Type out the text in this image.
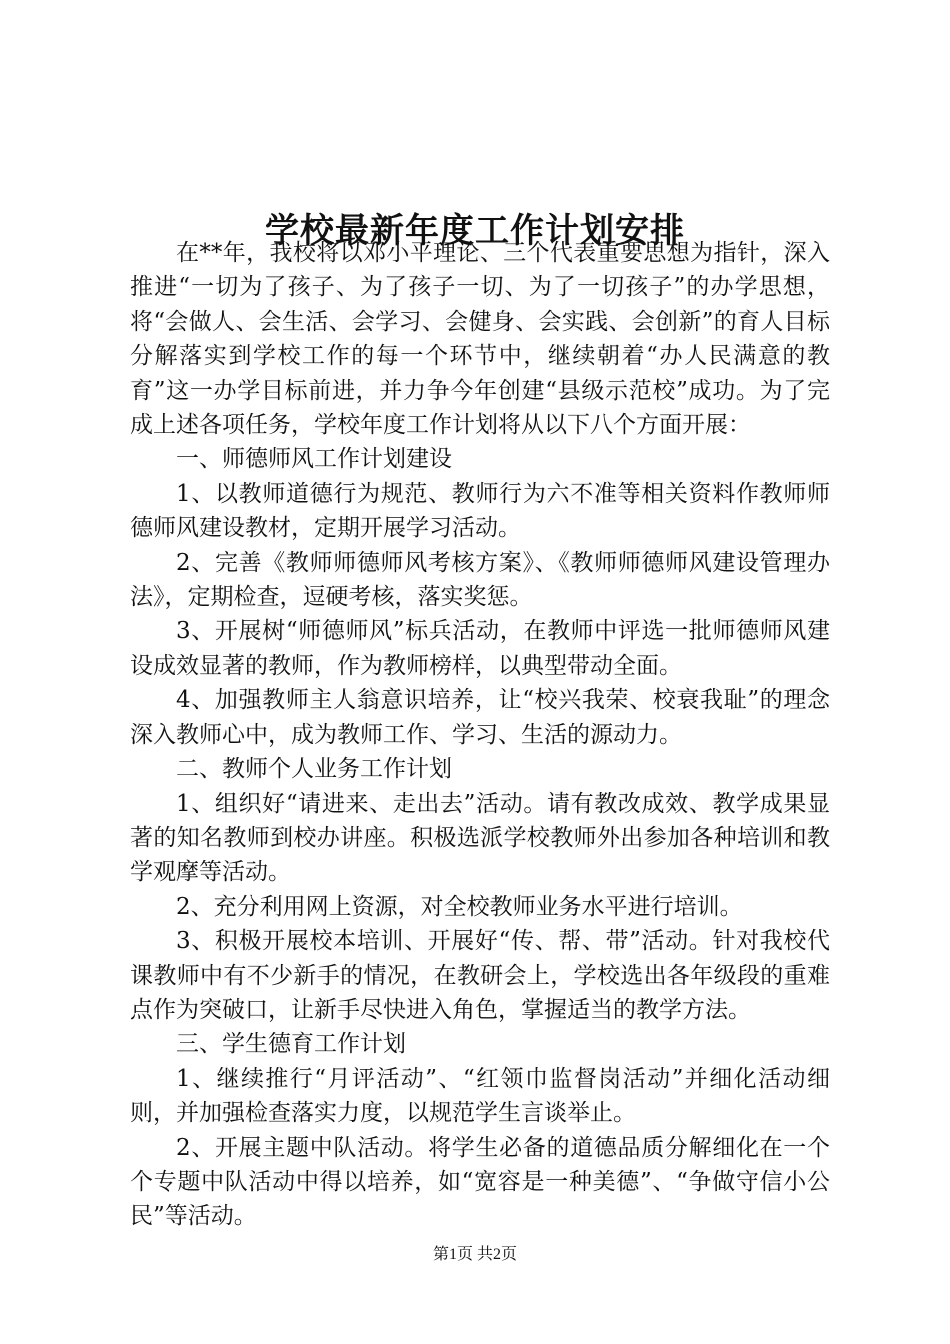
学校最新年度工作计划安排

在**年，我校将以邓小平理论、三个代表重要思想为指针，深入推进“一切为了孩子、为了孩子一切、为了一切孩子”的办学思想，将“会做人、会生活、会学习、会健身、会实践、会创新”的育人目标分解落实到学校工作的每一个环节中，继续朝着“办人民满意的教育”这一办学目标前进，并力争今年创建“县级示范校”成功。为了完成上述各项任务，学校年度工作计划将从以下八个方面开展：

一、师德师风工作计划建设

1、以教师道德行为规范、教师行为六不准等相关资料作教师师德师风建设教材，定期开展学习活动。

2、完善《教师师德师风考核方案》、《教师师德师风建设管理办法》，定期检查，逗硬考核，落实奖惩。

3、开展树“师德师风”标兵活动，在教师中评选一批师德师风建设成效显著的教师，作为教师榜样，以典型带动全面。

4、加强教师主人翁意识培养，让“校兴我荣、校衰我耻”的理念深入教师心中，成为教师工作、学习、生活的源动力。

二、教师个人业务工作计划

1、组织好“请进来、走出去”活动。请有教改成效、教学成果显著的知名教师到校办讲座。积极选派学校教师外出参加各种培训和教学观摩等活动。

2、充分利用网上资源，对全校教师业务水平进行培训。

3、积极开展校本培训、开展好“传、帮、带”活动。针对我校代课教师中有不少新手的情况，在教研会上，学校选出各年级段的重难点作为突破口，让新手尽快进入角色，掌握适当的教学方法。

三、学生德育工作计划

1、继续推行“月评活动”、“红领巾监督岗活动”并细化活动细则，并加强检查落实力度，以规范学生言谈举止。

2、开展主题中队活动。将学生必备的道德品质分解细化在一个个专题中队活动中得以培养，如“宽容是一种美德”、“争做守信小公民”等活动。

第1页 共2页
